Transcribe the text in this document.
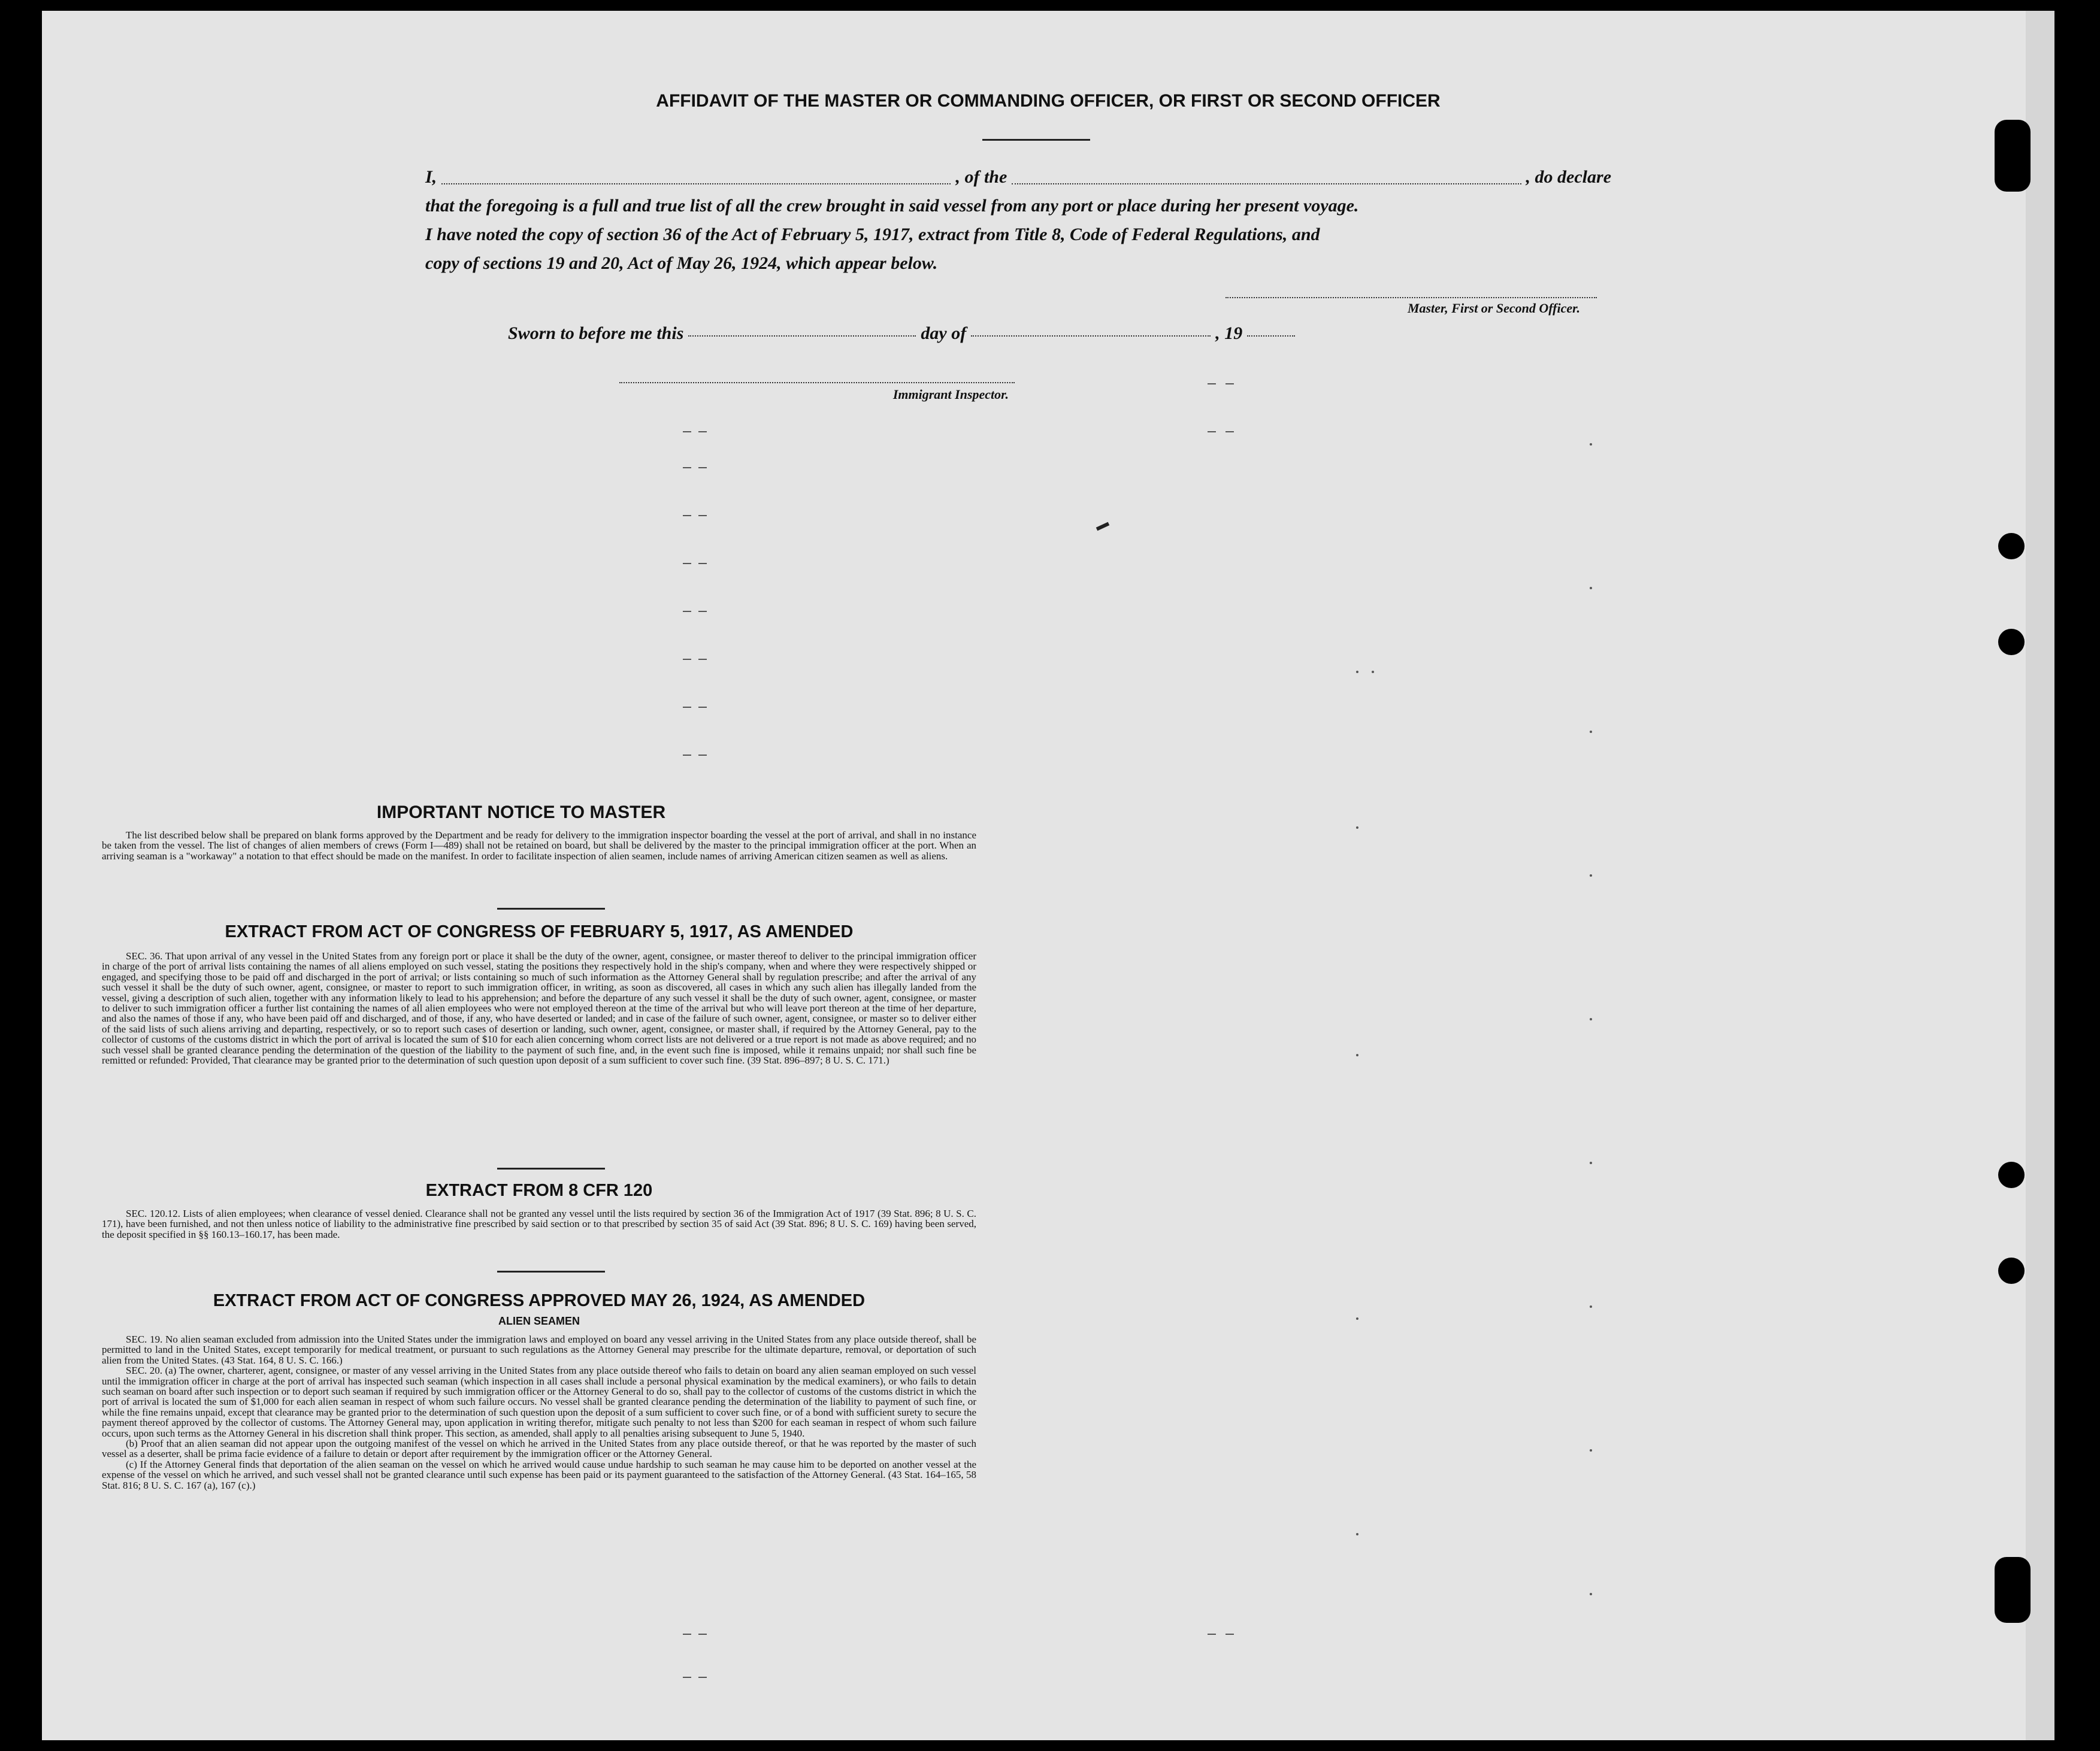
AFFIDAVIT OF THE MASTER OR COMMANDING OFFICER, OR FIRST OR SECOND OFFICER
I,	, of the	, do declare
that the foregoing is a full and true list of all the crew brought in said vessel from any port or place during her present voyage.
I have noted the copy of section 36 of the Act of February 5, 1917, extract from Title 8, Code of Federal Regulations, and
copy of sections 19 and 20, Act of May 26, 1924, which appear below.
Master, First or Second Officer.
Sworn to before me this	day of	, 19
Immigrant Inspector.
IMPORTANT NOTICE TO MASTER

The list described below shall be prepared on blank forms approved by the Department and be ready for delivery to the immigration inspector boarding the vessel at the port of arrival, and shall in no instance be taken from the vessel. The list of changes of alien members of crews (Form I—489) shall not be retained on board, but shall be delivered by the master to the principal immigration officer at the port. When an arriving seaman is a "workaway" a notation to that effect should be made on the manifest. In order to facilitate inspection of alien seamen, include names of arriving American citizen seamen as well as aliens.

EXTRACT FROM ACT OF CONGRESS OF FEBRUARY 5, 1917, AS AMENDED

SEC. 36. That upon arrival of any vessel in the United States from any foreign port or place it shall be the duty of the owner, agent, consignee, or master thereof to deliver to the principal immigration officer in charge of the port of arrival lists containing the names of all aliens employed on such vessel, stating the positions they respectively hold in the ship's company, when and where they were respectively shipped or engaged, and specifying those to be paid off and discharged in the port of arrival; or lists containing so much of such information as the Attorney General shall by regulation prescribe; and after the arrival of any such vessel it shall be the duty of such owner, agent, consignee, or master to report to such immigration officer, in writing, as soon as discovered, all cases in which any such alien has illegally landed from the vessel, giving a description of such alien, together with any information likely to lead to his apprehension; and before the departure of any such vessel it shall be the duty of such owner, agent, consignee, or master to deliver to such immigration officer a further list containing the names of all alien employees who were not employed thereon at the time of the arrival but who will leave port thereon at the time of her departure, and also the names of those if any, who have been paid off and discharged, and of those, if any, who have deserted or landed; and in case of the failure of such owner, agent, consignee, or master so to deliver either of the said lists of such aliens arriving and departing, respectively, or so to report such cases of desertion or landing, such owner, agent, consignee, or master shall, if required by the Attorney General, pay to the collector of customs of the customs district in which the port of arrival is located the sum of $10 for each alien concerning whom correct lists are not delivered or a true report is not made as above required; and no such vessel shall be granted clearance pending the determination of the question of the liability to the payment of such fine, and, in the event such fine is imposed, while it remains unpaid; nor shall such fine be remitted or refunded: Provided, That clearance may be granted prior to the determination of such question upon deposit of a sum sufficient to cover such fine. (39 Stat. 896–897; 8 U. S. C. 171.)

EXTRACT FROM 8 CFR 120

SEC. 120.12. Lists of alien employees; when clearance of vessel denied. Clearance shall not be granted any vessel until the lists required by section 36 of the Immigration Act of 1917 (39 Stat. 896; 8 U. S. C. 171), have been furnished, and not then unless notice of liability to the administrative fine prescribed by said section or to that prescribed by section 35 of said Act (39 Stat. 896; 8 U. S. C. 169) having been served, the deposit specified in §§ 160.13–160.17, has been made.

EXTRACT FROM ACT OF CONGRESS APPROVED MAY 26, 1924, AS AMENDED
ALIEN SEAMEN

SEC. 19. No alien seaman excluded from admission into the United States under the immigration laws and employed on board any vessel arriving in the United States from any place outside thereof, shall be permitted to land in the United States, except temporarily for medical treatment, or pursuant to such regulations as the Attorney General may prescribe for the ultimate departure, removal, or deportation of such alien from the United States. (43 Stat. 164, 8 U. S. C. 166.)

SEC. 20. (a) The owner, charterer, agent, consignee, or master of any vessel arriving in the United States from any place outside thereof who fails to detain on board any alien seaman employed on such vessel until the immigration officer in charge at the port of arrival has inspected such seaman (which inspection in all cases shall include a personal physical examination by the medical examiners), or who fails to detain such seaman on board after such inspection or to deport such seaman if required by such immigration officer or the Attorney General to do so, shall pay to the collector of customs of the customs district in which the port of arrival is located the sum of $1,000 for each alien seaman in respect of whom such failure occurs. No vessel shall be granted clearance pending the determination of the liability to payment of such fine, or while the fine remains unpaid, except that clearance may be granted prior to the determination of such question upon the deposit of a sum sufficient to cover such fine, or of a bond with sufficient surety to secure the payment thereof approved by the collector of customs. The Attorney General may, upon application in writing therefor, mitigate such penalty to not less than $200 for each seaman in respect of whom such failure occurs, upon such terms as the Attorney General in his discretion shall think proper. This section, as amended, shall apply to all penalties arising subsequent to June 5, 1940.

(b) Proof that an alien seaman did not appear upon the outgoing manifest of the vessel on which he arrived in the United States from any place outside thereof, or that he was reported by the master of such vessel as a deserter, shall be prima facie evidence of a failure to detain or deport after requirement by the immigration officer or the Attorney General.

(c) If the Attorney General finds that deportation of the alien seaman on the vessel on which he arrived would cause undue hardship to such seaman he may cause him to be deported on another vessel at the expense of the vessel on which he arrived, and such vessel shall not be granted clearance until such expense has been paid or its payment guaranteed to the satisfaction of the Attorney General. (43 Stat. 164–165, 58 Stat. 816; 8 U. S. C. 167 (a), 167 (c).)
